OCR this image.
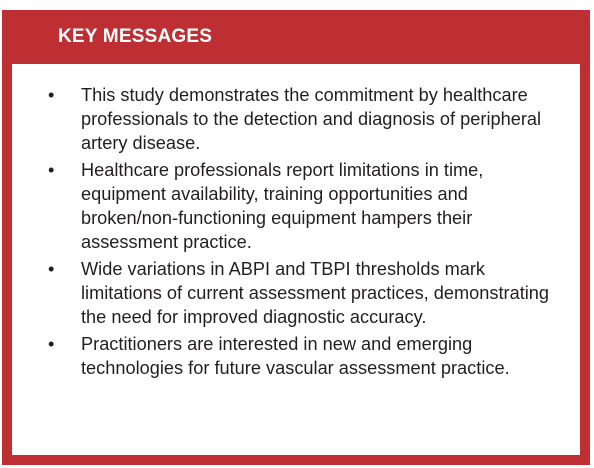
KEY MESSAGES
•	This study demonstrates the commitment by healthcare professionals to the detection and diagnosis of peripheral artery disease.
•	Healthcare professionals report limitations in time, equipment availability, training opportunities and broken/non-functioning equipment hampers their assessment practice.
•	Wide variations in ABPI and TBPI thresholds mark limitations of current assessment practices, demonstrating the need for improved diagnostic accuracy.
•	Practitioners are interested in new and emerging technologies for future vascular assessment practice.
